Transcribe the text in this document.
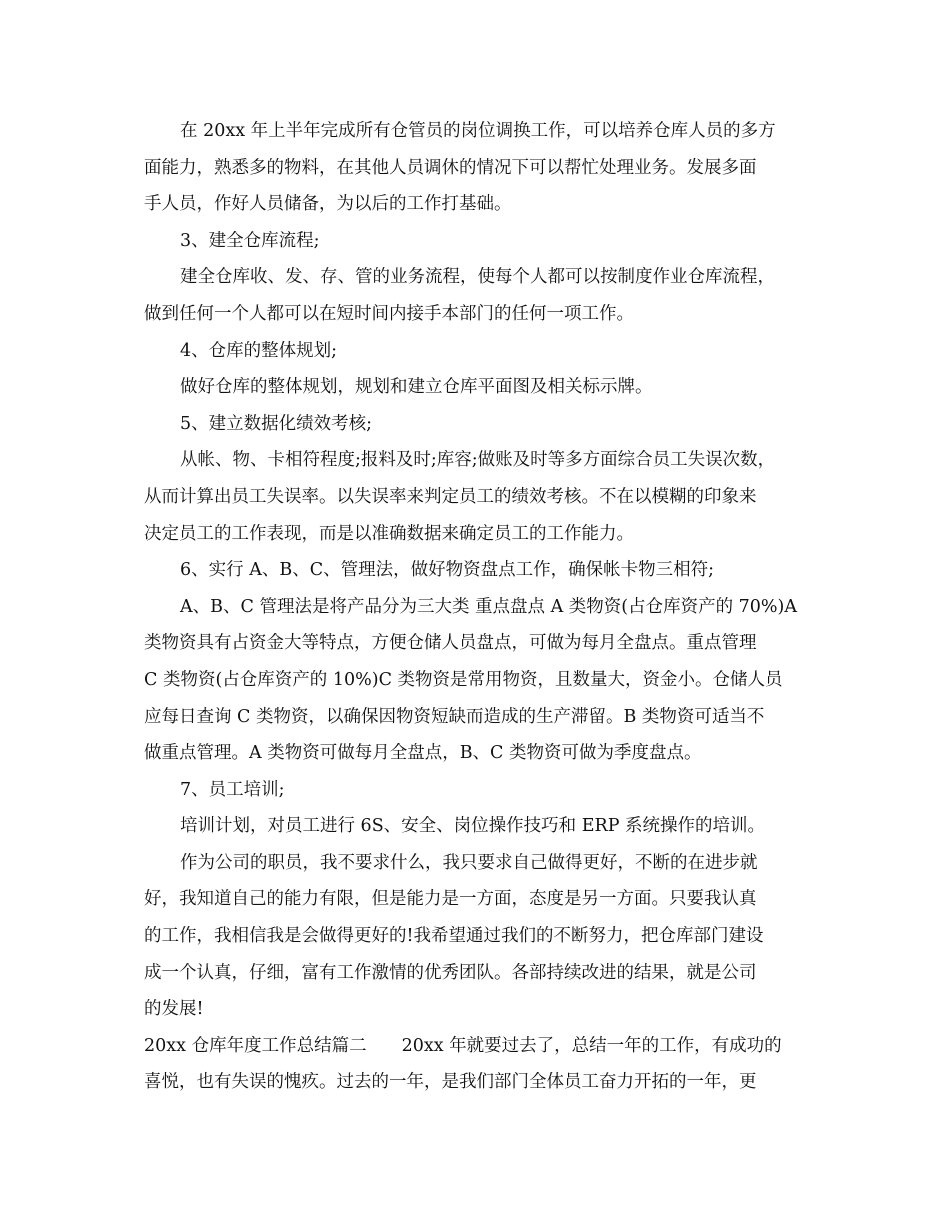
在 20xx 年上半年完成所有仓管员的岗位调换工作，可以培养仓库人员的多方
面能力，熟悉多的物料，在其他人员调休的情况下可以帮忙处理业务。发展多面
手人员，作好人员储备，为以后的工作打基础。
3、建全仓库流程;
建全仓库收、发、存、管的业务流程，使每个人都可以按制度作业仓库流程，
做到任何一个人都可以在短时间内接手本部门的任何一项工作。
4、仓库的整体规划;
做好仓库的整体规划，规划和建立仓库平面图及相关标示牌。
5、建立数据化绩效考核;
从帐、物、卡相符程度;报料及时;库容;做账及时等多方面综合员工失误次数，
从而计算出员工失误率。以失误率来判定员工的绩效考核。不在以模糊的印象来
决定员工的工作表现，而是以准确数据来确定员工的工作能力。
6、实行 A、B、C、管理法，做好物资盘点工作，确保帐卡物三相符;
A、B、C 管理法是将产品分为三大类 重点盘点 A 类物资(占仓库资产的 70%)A
类物资具有占资金大等特点，方便仓储人员盘点，可做为每月全盘点。重点管理
C 类物资(占仓库资产的 10%)C 类物资是常用物资，且数量大，资金小。仓储人员
应每日查询 C 类物资，以确保因物资短缺而造成的生产滞留。B 类物资可适当不
做重点管理。A 类物资可做每月全盘点，B、C 类物资可做为季度盘点。
7、员工培训;
培训计划，对员工进行 6S、安全、岗位操作技巧和 ERP 系统操作的培训。
作为公司的职员，我不要求什么，我只要求自己做得更好，不断的在进步就
好，我知道自己的能力有限，但是能力是一方面，态度是另一方面。只要我认真
的工作，我相信我是会做得更好的!我希望通过我们的不断努力，把仓库部门建设
成一个认真，仔细，富有工作激情的优秀团队。各部持续改进的结果，就是公司
的发展!
20xx 仓库年度工作总结篇二　　20xx 年就要过去了，总结一年的工作，有成功的
喜悦，也有失误的愧疚。过去的一年，是我们部门全体员工奋力开拓的一年，更
